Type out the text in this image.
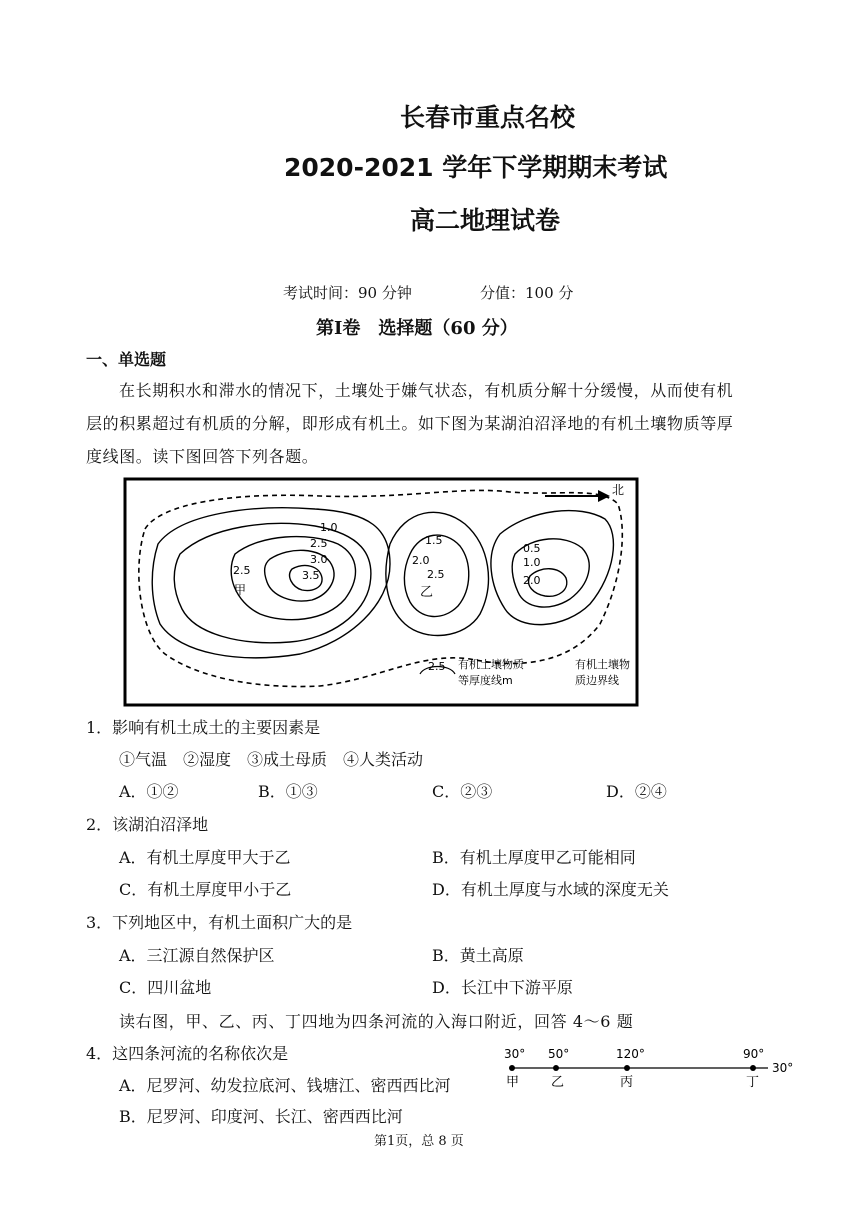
长春市重点名校
2020-2021 学年下学期期末考试
高二地理试卷
考试时间：90 分钟	分值：100 分
第Ⅰ卷　选择题（60 分）
一、单选题
在长期积水和滞水的情况下，土壤处于嫌气状态，有机质分解十分缓慢，从而使有机
层的积累超过有机质的分解，即形成有机土。如下图为某湖泊沼泽地的有机土壤物质等厚
度线图。读下图回答下列各题。
北
1.0
2.5
3.0
3.5
2.5
甲
1.5
2.0
2.5
乙
0.5
1.0
2.0
2.5 有机土壤物质
等厚度线m
有机土壤物
质边界线
1．影响有机土成土的主要因素是
①气温　②湿度　③成土母质　④人类活动
A．①②	B．①③	C．②③	D．②④
2．该湖泊沼泽地
A．有机土厚度甲大于乙	B．有机土厚度甲乙可能相同
C．有机土厚度甲小于乙	D．有机土厚度与水域的深度无关
3．下列地区中，有机土面积广大的是
A．三江源自然保护区	B．黄土高原
C．四川盆地	D．长江中下游平原
读右图，甲、乙、丙、丁四地为四条河流的入海口附近，回答 4～6 题
4．这四条河流的名称依次是
A．尼罗河、幼发拉底河、钱塘江、密西西比河
B．尼罗河、印度河、长江、密西西比河
30° 50°	120°	90°
甲 乙	丙	丁
30°
第1页，总 8 页
